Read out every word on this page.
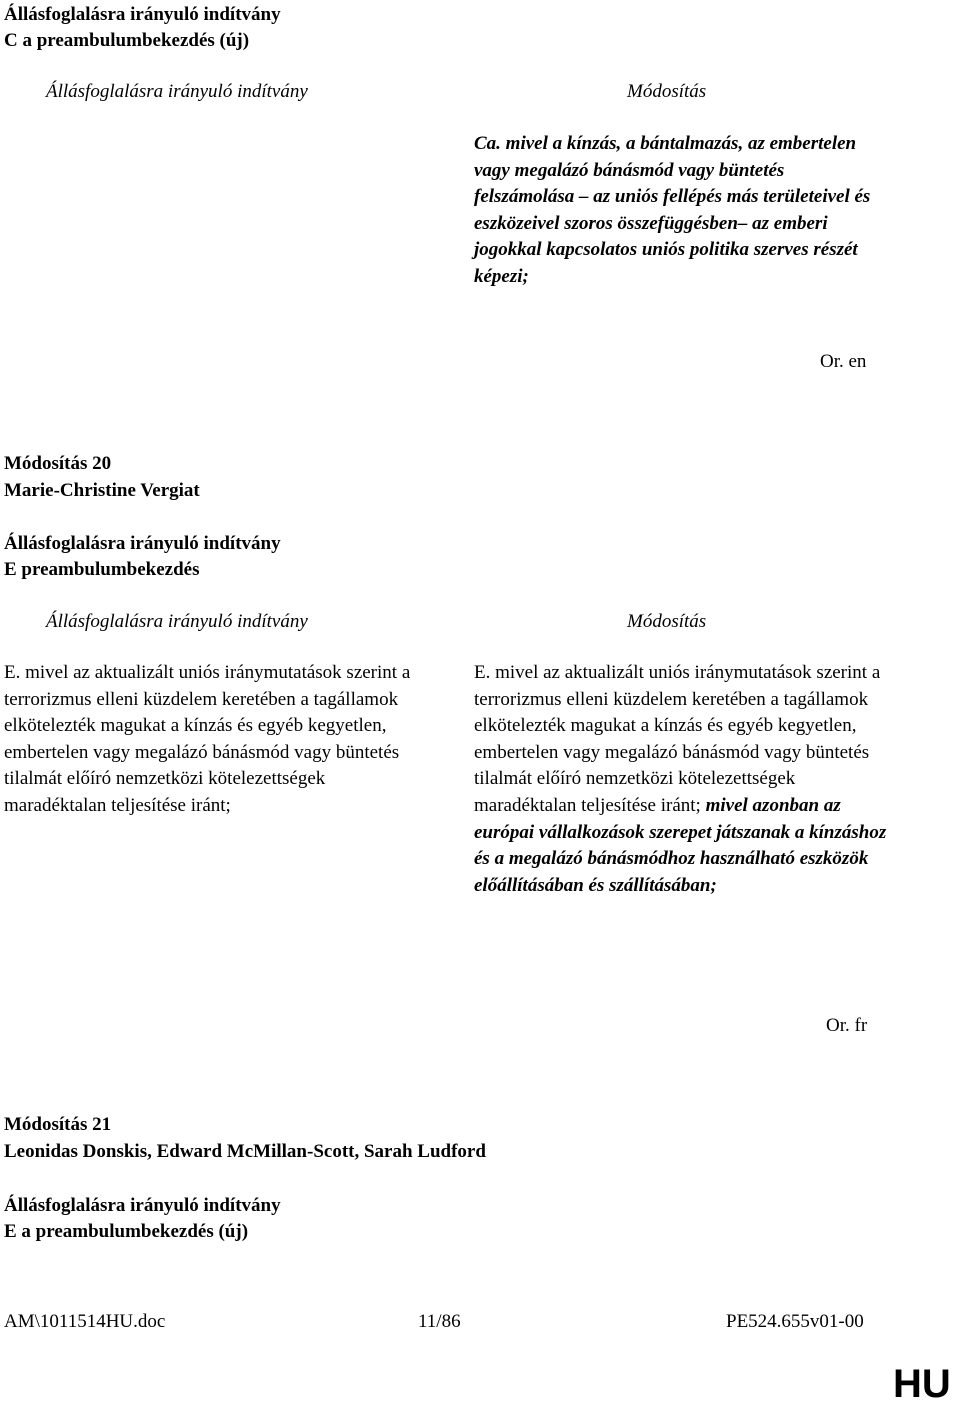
Állásfoglalásra irányuló indítvány
C a preambulumbekezdés (új)
Állásfoglalásra irányuló indítvány	Módosítás
Ca. mivel a kínzás, a bántalmazás, az embertelen vagy megalázó bánásmód vagy büntetés felszámolása – az uniós fellépés más területeivel és eszközeivel szoros összefüggésben– az emberi jogokkal kapcsolatos uniós politika szerves részét képezi;
Or. en
Módosítás 20
Marie-Christine Vergiat
Állásfoglalásra irányuló indítvány
E preambulumbekezdés
Állásfoglalásra irányuló indítvány	Módosítás
E. mivel az aktualizált uniós iránymutatások szerint a terrorizmus elleni küzdelem keretében a tagállamok elkötelezték magukat a kínzás és egyéb kegyetlen, embertelen vagy megalázó bánásmód vagy büntetés tilalmát előíró nemzetközi kötelezettségek maradéktalan teljesítése iránt;
E. mivel az aktualizált uniós iránymutatások szerint a terrorizmus elleni küzdelem keretében a tagállamok elkötelezték magukat a kínzás és egyéb kegyetlen, embertelen vagy megalázó bánásmód vagy büntetés tilalmát előíró nemzetközi kötelezettségek maradéktalan teljesítése iránt; mivel azonban az európai vállalkozások szerepet játszanak a kínzáshoz és a megalázó bánásmódhoz használható eszközök előállításában és szállításában;
Or. fr
Módosítás 21
Leonidas Donskis, Edward McMillan-Scott, Sarah Ludford
Állásfoglalásra irányuló indítvány
E a preambulumbekezdés (új)
AM\1011514HU.doc	11/86	PE524.655v01-00
HU
